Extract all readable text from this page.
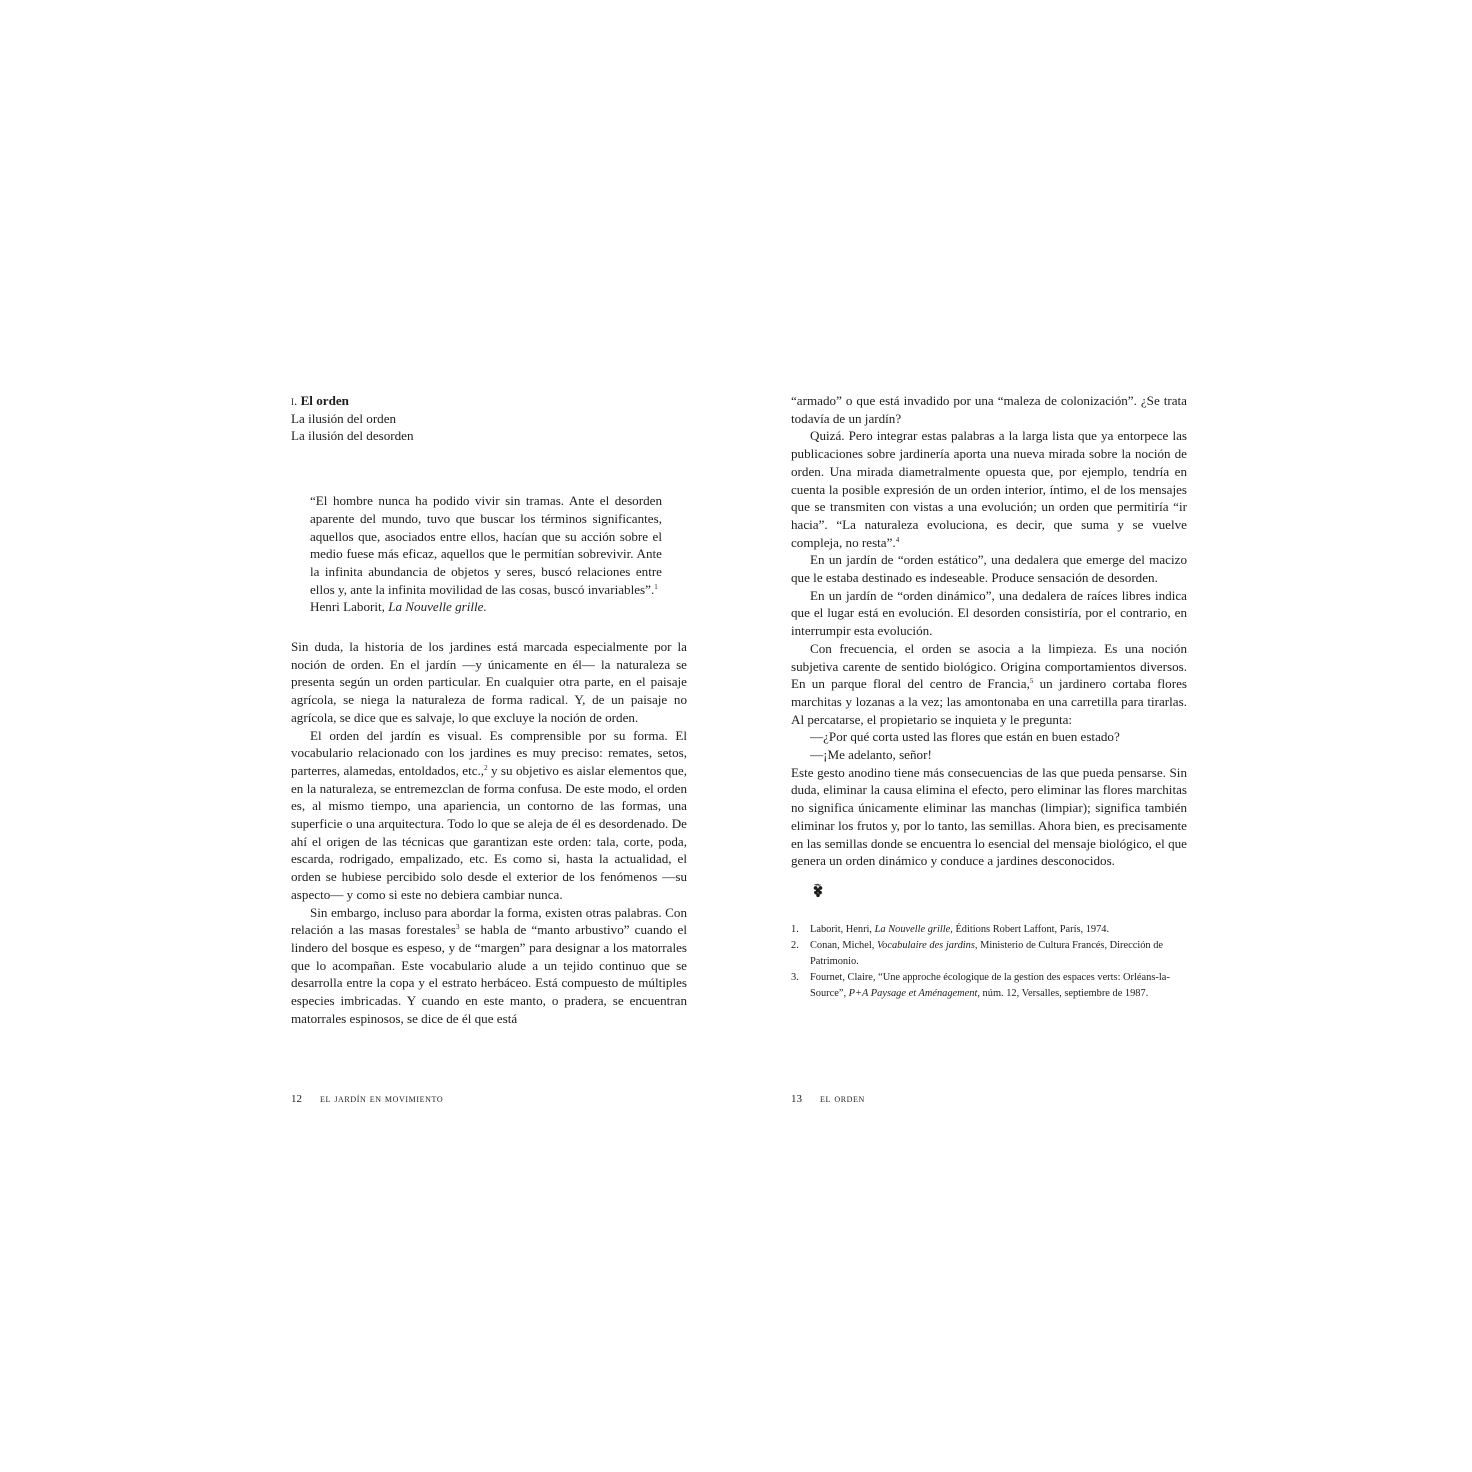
i. El orden
La ilusión del orden
La ilusión del desorden

“El hombre nunca ha podido vivir sin tramas. Ante el desorden aparente del mundo, tuvo que buscar los términos significantes, aquellos que, asociados entre ellos, hacían que su acción sobre el medio fuese más eficaz, aquellos que le permitían sobrevivir. Ante la infinita abundancia de objetos y seres, buscó relaciones entre ellos y, ante la infinita movilidad de las cosas, buscó invariables”.$^1$

Henri Laborit, La Nouvelle grille.

Sin duda, la historia de los jardines está marcada especialmente por la noción de orden. En el jardín —y únicamente en él— la naturaleza se presenta según un orden particular. En cualquier otra parte, en el paisaje agrícola, se niega la naturaleza de forma radical. Y, de un paisaje no agrícola, se dice que es salvaje, lo que excluye la noción de orden.

El orden del jardín es visual. Es comprensible por su forma. El vocabulario relacionado con los jardines es muy preciso: remates, setos, parterres, alamedas, entoldados, etc.,$^2$ y su objetivo es aislar elementos que, en la naturaleza, se entremezclan de forma confusa. De este modo, el orden es, al mismo tiempo, una apariencia, un contorno de las formas, una superficie o una arquitectura. Todo lo que se aleja de él es desordenado. De ahí el origen de las técnicas que garantizan este orden: tala, corte, poda, escarda, rodrigado, empalizado, etc. Es como si, hasta la actualidad, el orden se hubiese percibido solo desde el exterior de los fenómenos —su aspecto— y como si este no debiera cambiar nunca.

Sin embargo, incluso para abordar la forma, existen otras palabras. Con relación a las masas forestales$^3$ se habla de “manto arbustivo” cuando el lindero del bosque es espeso, y de “margen” para designar a los matorrales que lo acompañan. Este vocabulario alude a un tejido continuo que se desarrolla entre la copa y el estrato herbáceo. Está compuesto de múltiples especies imbricadas. Y cuando en este manto, o pradera, se encuentran matorrales espinosos, se dice de él que está

“armado” o que está invadido por una “maleza de colonización”. ¿Se trata todavía de un jardín?

Quizá. Pero integrar estas palabras a la larga lista que ya entorpece las publicaciones sobre jardinería aporta una nueva mirada sobre la noción de orden. Una mirada diametralmente opuesta que, por ejemplo, tendría en cuenta la posible expresión de un orden interior, íntimo, el de los mensajes que se transmiten con vistas a una evolución; un orden que permitiría “ir hacia”. “La naturaleza evoluciona, es decir, que suma y se vuelve compleja, no resta”.$^4$

En un jardín de “orden estático”, una dedalera que emerge del macizo que le estaba destinado es indeseable. Produce sensación de desorden.

En un jardín de “orden dinámico”, una dedalera de raíces libres indica que el lugar está en evolución. El desorden consistiría, por el contrario, en interrumpir esta evolución.

Con frecuencia, el orden se asocia a la limpieza. Es una noción subjetiva carente de sentido biológico. Origina comportamientos diversos. En un parque floral del centro de Francia,$^5$ un jardinero cortaba flores marchitas y lozanas a la vez; las amontonaba en una carretilla para tirarlas. Al percatarse, el propietario se inquieta y le pregunta:

—¿Por qué corta usted las flores que están en buen estado?

—¡Me adelanto, señor!

Este gesto anodino tiene más consecuencias de las que pueda pensarse. Sin duda, eliminar la causa elimina el efecto, pero eliminar las flores marchitas no significa únicamente eliminar las manchas (limpiar); significa también eliminar los frutos y, por lo tanto, las semillas. Ahora bien, es precisamente en las semillas donde se encuentra lo esencial del mensaje biológico, el que genera un orden dinámico y conduce a jardines desconocidos.

1.	Laborit, Henri, La Nouvelle grille, Éditions Robert Laffont, París, 1974.
2.	Conan, Michel, Vocabulaire des jardins, Ministerio de Cultura Francés, Dirección de Patrimonio.
3.	Fournet, Claire, “Une approche écologique de la gestion des espaces verts: Orléans-la-Source”, P+A Paysage et Aménagement, núm. 12, Versalles, septiembre de 1987.
12 el jardín en movimiento	13 el orden
